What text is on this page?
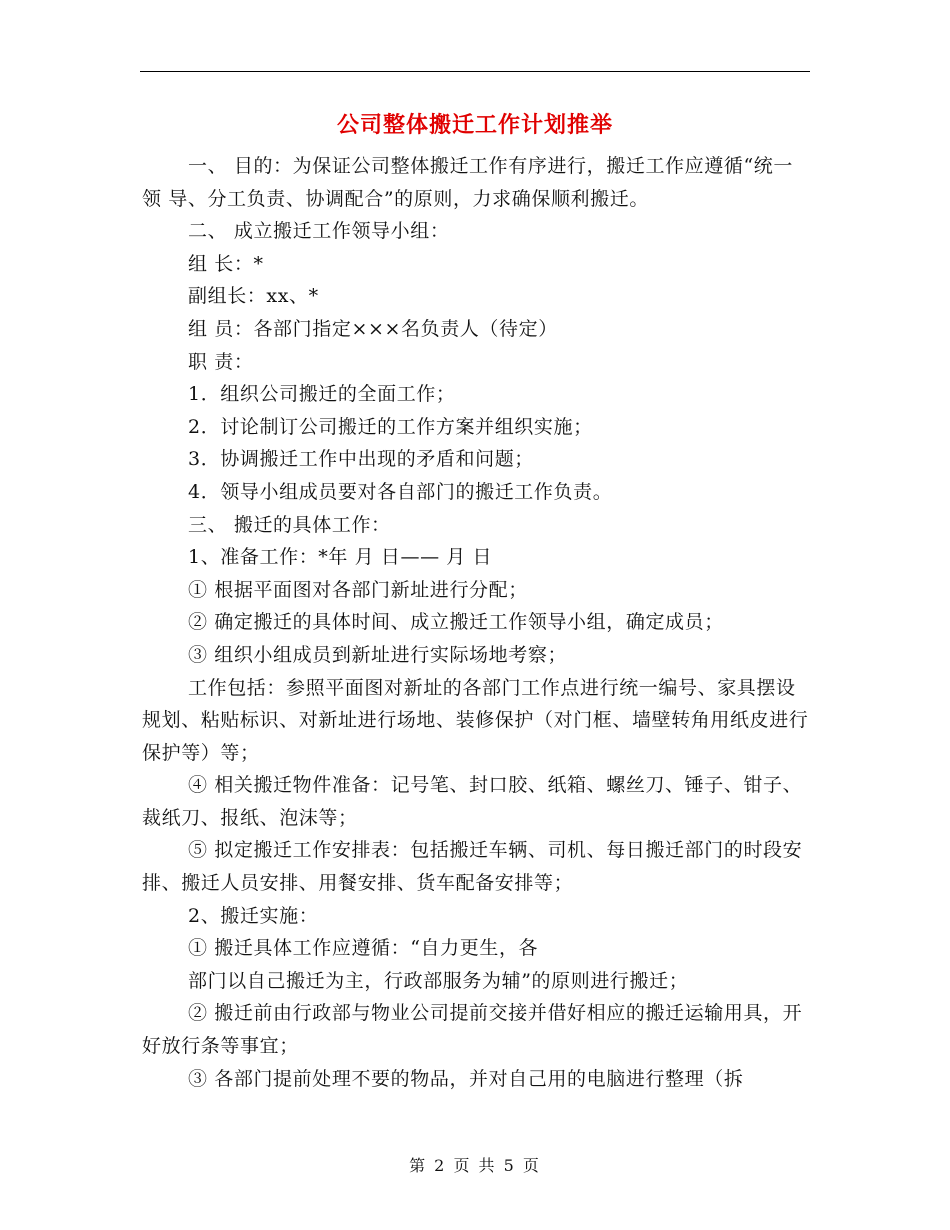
公司整体搬迁工作计划推举

一、 目的：为保证公司整体搬迁工作有序进行，搬迁工作应遵循“统一领 导、分工负责、协调配合”的原则，力求确保顺利搬迁。

二、 成立搬迁工作领导小组：

组 长：*

副组长：xx、*

组 员：各部门指定×××名负责人（待定）

职 责：

1．组织公司搬迁的全面工作；

2．讨论制订公司搬迁的工作方案并组织实施；

3．协调搬迁工作中出现的矛盾和问题；

4．领导小组成员要对各自部门的搬迁工作负责。

三、 搬迁的具体工作：

1、准备工作：*年 月 日—— 月 日

① 根据平面图对各部门新址进行分配；

② 确定搬迁的具体时间、成立搬迁工作领导小组，确定成员；

③ 组织小组成员到新址进行实际场地考察；

工作包括：参照平面图对新址的各部门工作点进行统一编号、家具摆设规划、粘贴标识、对新址进行场地、装修保护（对门框、墙壁转角用纸皮进行保护等）等；

④ 相关搬迁物件准备：记号笔、封口胶、纸箱、螺丝刀、锤子、钳子、裁纸刀、报纸、泡沫等；

⑤ 拟定搬迁工作安排表：包括搬迁车辆、司机、每日搬迁部门的时段安排、搬迁人员安排、用餐安排、货车配备安排等；

2、搬迁实施：

① 搬迁具体工作应遵循：“自力更生，各

部门以自己搬迁为主，行政部服务为辅”的原则进行搬迁；

② 搬迁前由行政部与物业公司提前交接并借好相应的搬迁运输用具，开好放行条等事宜；

③ 各部门提前处理不要的物品，并对自己用的电脑进行整理（拆

第 2 页 共 5 页
